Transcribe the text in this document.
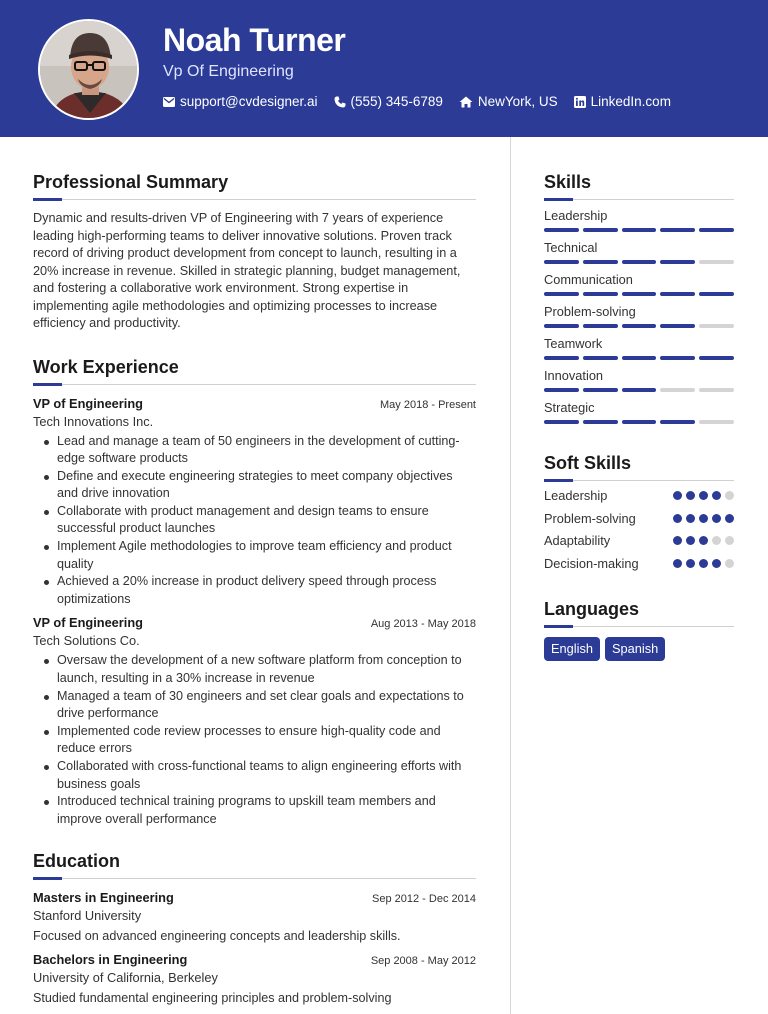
Noah Turner
Vp Of Engineering
support@cvdesigner.ai (555) 345-6789	NewYork, US LinkedIn.com
Professional Summary

Dynamic and results-driven VP of Engineering with 7 years of experience leading high-performing teams to deliver innovative solutions. Proven track record of driving product development from concept to launch, resulting in a 20% increase in revenue. Skilled in strategic planning, budget management, and fostering a collaborative work environment. Strong expertise in implementing agile methodologies and optimizing processes to increase efficiency and productivity.

Work Experience
VP of Engineering	May 2018 - Present
Tech Innovations Inc.
Lead and manage a team of 50 engineers in the development of cutting-edge software products
Define and execute engineering strategies to meet company objectives and drive innovation
Collaborate with product management and design teams to ensure successful product launches
Implement Agile methodologies to improve team efficiency and product quality
Achieved a 20% increase in product delivery speed through process optimizations
VP of Engineering	Aug 2013 - May 2018
Tech Solutions Co.
Oversaw the development of a new software platform from conception to launch, resulting in a 30% increase in revenue
Managed a team of 30 engineers and set clear goals and expectations to drive performance
Implemented code review processes to ensure high-quality code and reduce errors
Collaborated with cross-functional teams to align engineering efforts with business goals
Introduced technical training programs to upskill team members and improve overall performance
Education
Masters in Engineering	Sep 2012 - Dec 2014
Stanford University
Focused on advanced engineering concepts and leadership skills.
Bachelors in Engineering	Sep 2008 - May 2012
University of California, Berkeley
Studied fundamental engineering principles and problem-solving
Skills
Leadership
Technical
Communication
Problem-solving
Teamwork
Innovation
Strategic
Soft Skills
Leadership
Problem-solving
Adaptability
Decision-making
Languages
English	Spanish
